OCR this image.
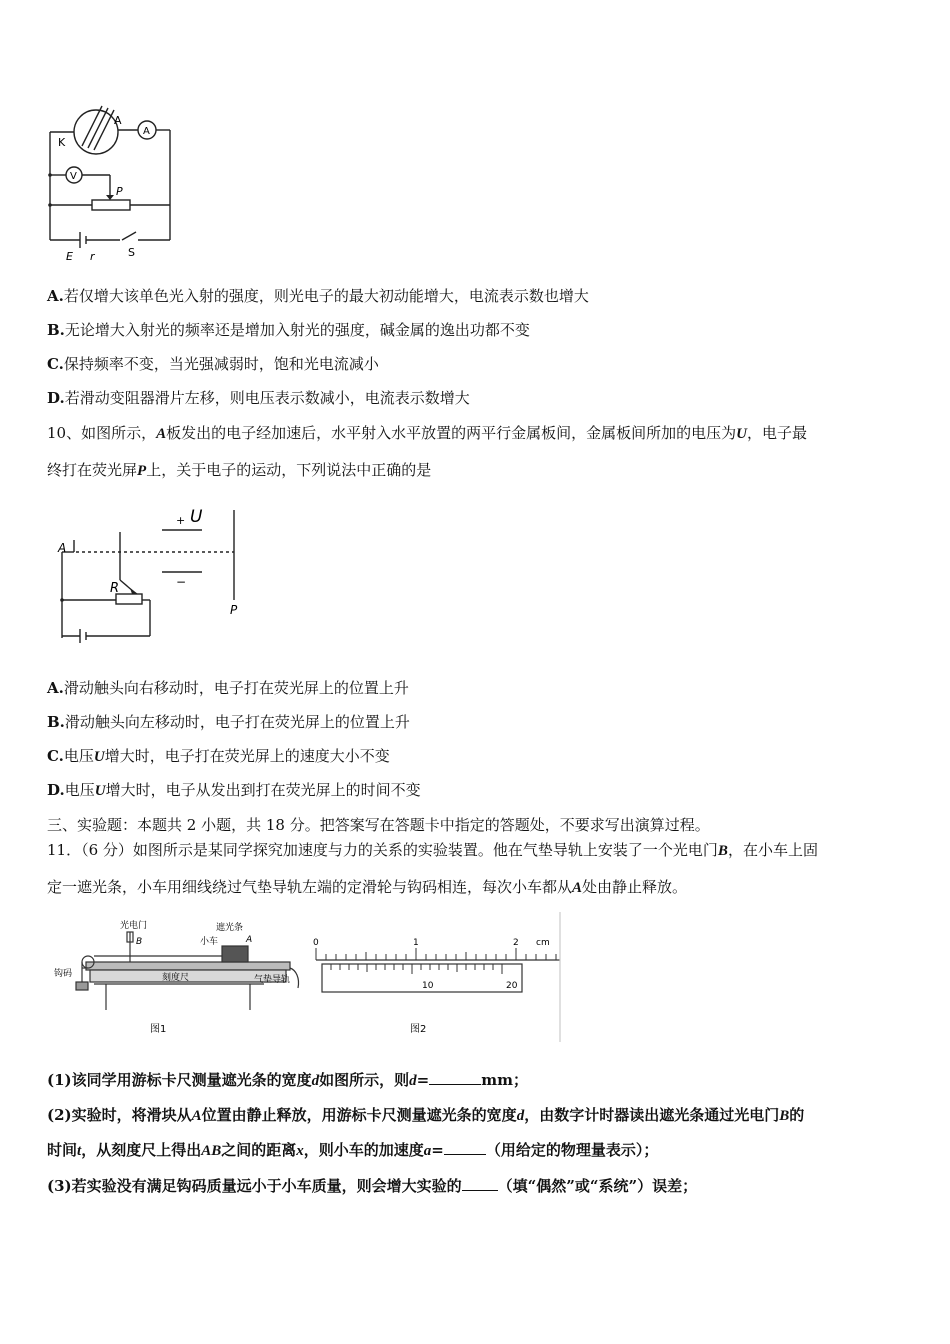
K
A
A
V
P
E r	S
A.若仅增大该单色光入射的强度，则光电子的最大初动能增大，电流表示数也增大
B.无论增大入射光的频率还是增加入射光的强度，碱金属的逸出功都不变
C.保持频率不变，当光强减弱时，饱和光电流减小
D.若滑动变阻器滑片左移，则电压表示数减小，电流表示数增大
10、如图所示，A板发出的电子经加速后，水平射入水平放置的两平行金属板间，金属板间所加的电压为U，电子最
终打在荧光屏P上，关于电子的运动，下列说法中正确的是
+ U
−
A
R
P
A.滑动触头向右移动时，电子打在荧光屏上的位置上升
B.滑动触头向左移动时，电子打在荧光屏上的位置上升
C.电压U增大时，电子打在荧光屏上的速度大小不变
D.电压U增大时，电子从发出到打在荧光屏上的时间不变
三、实验题：本题共 2 小题，共 18 分。把答案写在答题卡中指定的答题处，不要求写出演算过程。
11．（6 分）如图所示是某同学探究加速度与力的关系的实验装置。他在气垫导轨上安装了一个光电门B，在小车上固
定一遮光条，小车用细线绕过气垫导轨左端的定滑轮与钩码相连，每次小车都从A处由静止释放。
光电门
B
遮光条
小车	A
钩码	刻度尺	气垫导轨
图1
0	1	2 cm
10	20
图2
(1)该同学用游标卡尺测量遮光条的宽度d如图所示，则d=	mm；
(2)实验时，将滑块从A位置由静止释放，用游标卡尺测量遮光条的宽度d，由数字计时器读出遮光条通过光电门B的
时间t，从刻度尺上得出AB之间的距离x，则小车的加速度a=	（用给定的物理量表示）；
(3)若实验没有满足钩码质量远小于小车质量，则会增大实验的 （填“偶然”或“系统”）误差；
